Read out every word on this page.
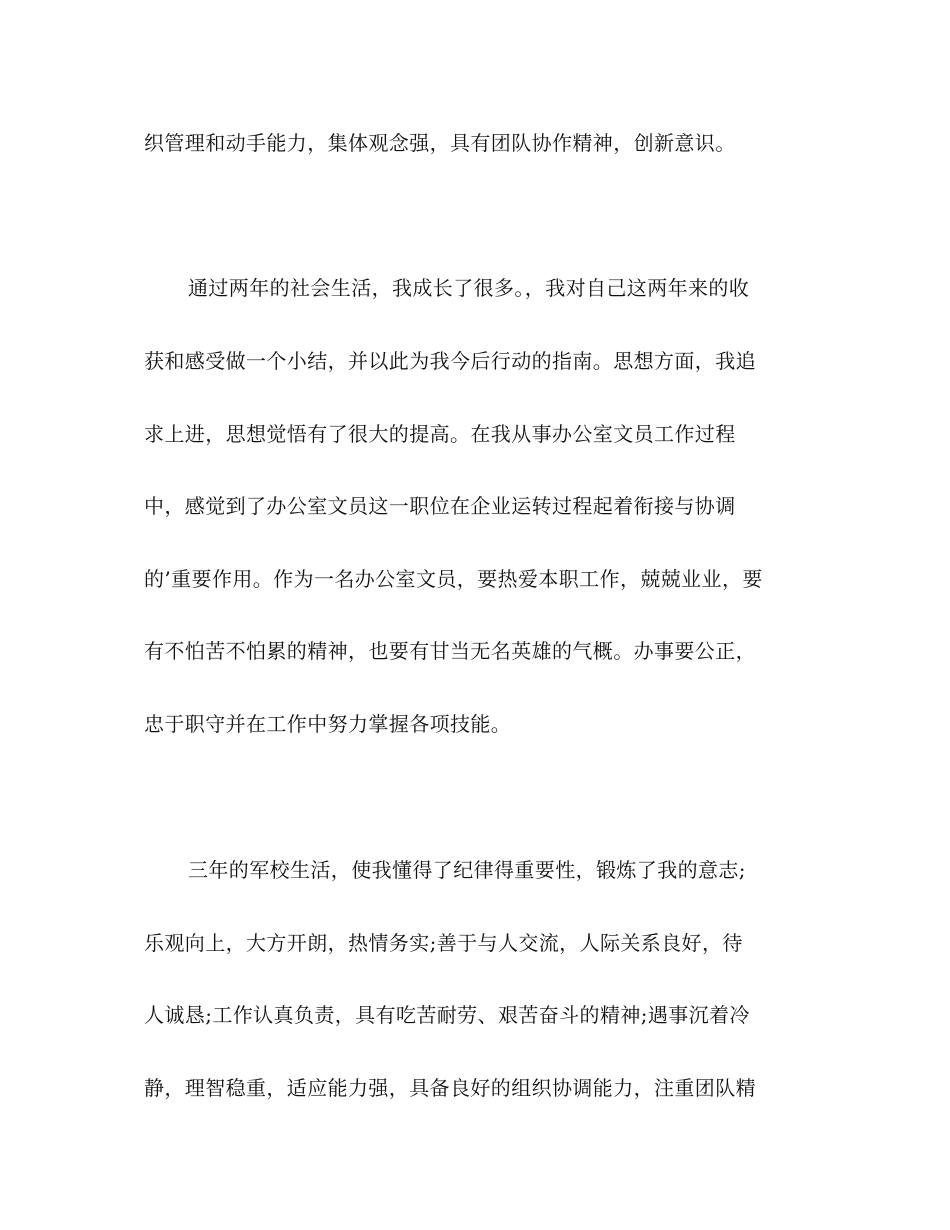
织管理和动手能力，集体观念强，具有团队协作精神，创新意识。
通过两年的社会生活，我成长了很多。，我对自己这两年来的收
获和感受做一个小结，并以此为我今后行动的指南。思想方面，我追
求上进，思想觉悟有了很大的提高。在我从事办公室文员工作过程
中，感觉到了办公室文员这一职位在企业运转过程起着衔接与协调
的’重要作用。作为一名办公室文员，要热爱本职工作，兢兢业业，要
有不怕苦不怕累的精神，也要有甘当无名英雄的气概。办事要公正，
忠于职守并在工作中努力掌握各项技能。
三年的军校生活，使我懂得了纪律得重要性，锻炼了我的意志;
乐观向上，大方开朗，热情务实;善于与人交流，人际关系良好，待
人诚恳;工作认真负责，具有吃苦耐劳、艰苦奋斗的精神;遇事沉着冷
静，理智稳重，适应能力强，具备良好的组织协调能力，注重团队精
